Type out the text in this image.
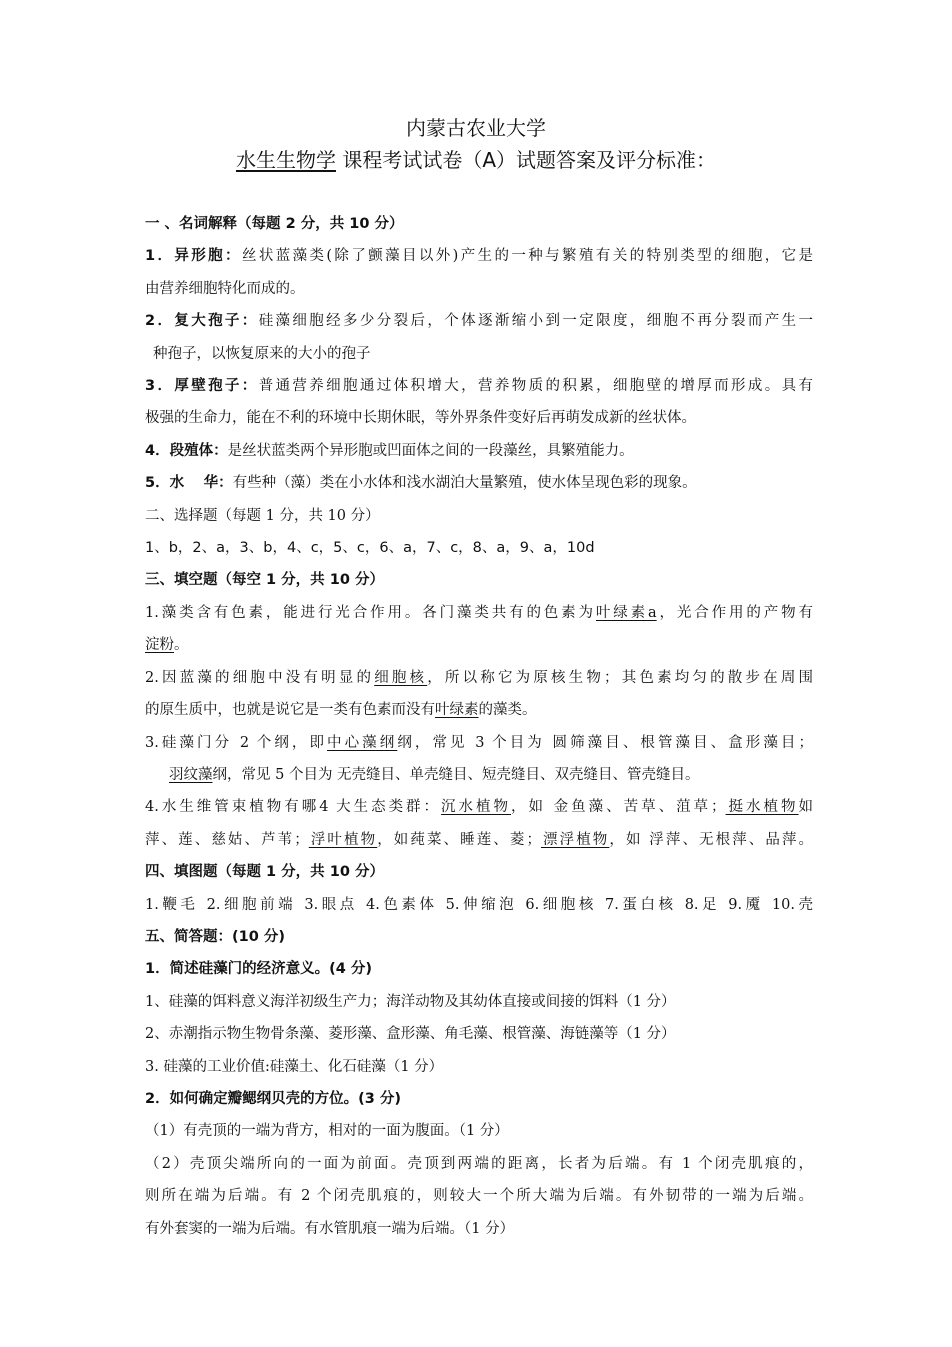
内蒙古农业大学
水生生物学 课程考试试卷（A）试题答案及评分标准：
一 、名词解释（每题 2 分，共 10 分）
1．异形胞：丝状蓝藻类(除了颤藻目以外)产生的一种与繁殖有关的特别类型的细胞，它是
由营养细胞特化而成的。
2．复大孢子：硅藻细胞经多少分裂后，个体逐渐缩小到一定限度，细胞不再分裂而产生一
种孢子，以恢复原来的大小的孢子
3．厚壁孢子：普通营养细胞通过体积增大，营养物质的积累，细胞壁的增厚而形成。具有
极强的生命力，能在不利的环境中长期休眠，等外界条件变好后再萌发成新的丝状体。
4．段殖体：是丝状蓝类两个异形胞或凹面体之间的一段藻丝，具繁殖能力。
5．水　 华：有些种（藻）类在小水体和浅水湖泊大量繁殖，使水体呈现色彩的现象。
二、选择题（每题 1 分，共 10 分）
1、b，2、a，3、b，4、c，5、c，6、a，7、c，8、a，9、a，10d
三、填空题（每空 1 分，共 10 分）
1.藻类含有色素，能进行光合作用。各门藻类共有的色素为叶绿素a，光合作用的产物有
淀粉。
2.因蓝藻的细胞中没有明显的细胞核，所以称它为原核生物；其色素均匀的散步在周围
的原生质中，也就是说它是一类有色素而没有叶绿素的藻类。
3.硅藻门分 2 个纲，即中心藻纲纲，常见 3 个目为 圆筛藻目、根管藻目、盒形藻目；
羽纹藻纲，常见 5 个目为 无壳缝目、单壳缝目、短壳缝目、双壳缝目、管壳缝目。
4.水生维管束植物有哪4 大生态类群：沉水植物，如 金鱼藻、苦草、菹草；挺水植物如
萍、莲、慈姑、芦苇；浮叶植物，如莼菜、睡莲、菱；漂浮植物，如 浮萍、无根萍、品萍。
四、填图题（每题 1 分，共 10 分）
1.鞭毛 2.细胞前端 3.眼点 4.色素体 5.伸缩泡 6.细胞核 7.蛋白核 8.足 9.魇 10.壳
五、简答题：(10 分)
1．简述硅藻门的经济意义。(4 分)
1、硅藻的饵料意义海洋初级生产力；海洋动物及其幼体直接或间接的饵料（1 分）
2、赤潮指示物生物骨条藻、菱形藻、盒形藻、角毛藻、根管藻、海链藻等（1 分）
3. 硅藻的工业价值:硅藻土、化石硅藻（1 分）
2．如何确定瓣鳃纲贝壳的方位。(3 分)
（1）有壳顶的一端为背方，相对的一面为腹面。（1 分）
（2）壳顶尖端所向的一面为前面。壳顶到两端的距离，长者为后端。有 1 个闭壳肌痕的，
则所在端为后端。有 2 个闭壳肌痕的，则较大一个所大端为后端。有外韧带的一端为后端。
有外套窦的一端为后端。有水管肌痕一端为后端。（1 分）
